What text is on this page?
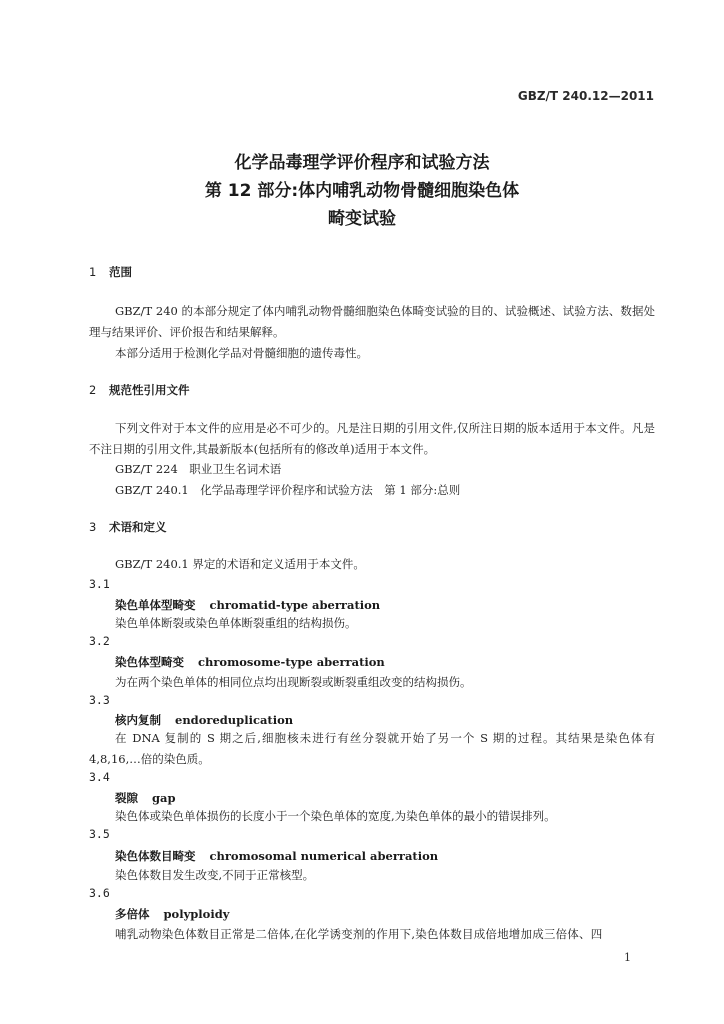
GBZ/T 240.12—2011
化学品毒理学评价程序和试验方法
第 12 部分:体内哺乳动物骨髓细胞染色体
畸变试验
1 范围
GBZ/T 240 的本部分规定了体内哺乳动物骨髓细胞染色体畸变试验的目的、试验概述、试验方法、数据处理与结果评价、评价报告和结果解释。
本部分适用于检测化学品对骨髓细胞的遗传毒性。
2 规范性引用文件
下列文件对于本文件的应用是必不可少的。凡是注日期的引用文件,仅所注日期的版本适用于本文件。凡是不注日期的引用文件,其最新版本(包括所有的修改单)适用于本文件。
GBZ/T 224　职业卫生名词术语
GBZ/T 240.1　化学品毒理学评价程序和试验方法　第 1 部分:总则
3 术语和定义
GBZ/T 240.1 界定的术语和定义适用于本文件。
3.1
染色单体型畸变 chromatid-type aberration
染色单体断裂或染色单体断裂重组的结构损伤。
3.2
染色体型畸变 chromosome-type aberration
为在两个染色单体的相同位点均出现断裂或断裂重组改变的结构损伤。
3.3
核内复制 endoreduplication
在 DNA 复制的 S 期之后,细胞核未进行有丝分裂就开始了另一个 S 期的过程。其结果是染色体有 4,8,16,…倍的染色质。
3.4
裂隙 gap
染色体或染色单体损伤的长度小于一个染色单体的宽度,为染色单体的最小的错误排列。
3.5
染色体数目畸变 chromosomal numerical aberration
染色体数目发生改变,不同于正常核型。
3.6
多倍体 polyploidy
哺乳动物染色体数目正常是二倍体,在化学诱变剂的作用下,染色体数目成倍地增加成三倍体、四
1
